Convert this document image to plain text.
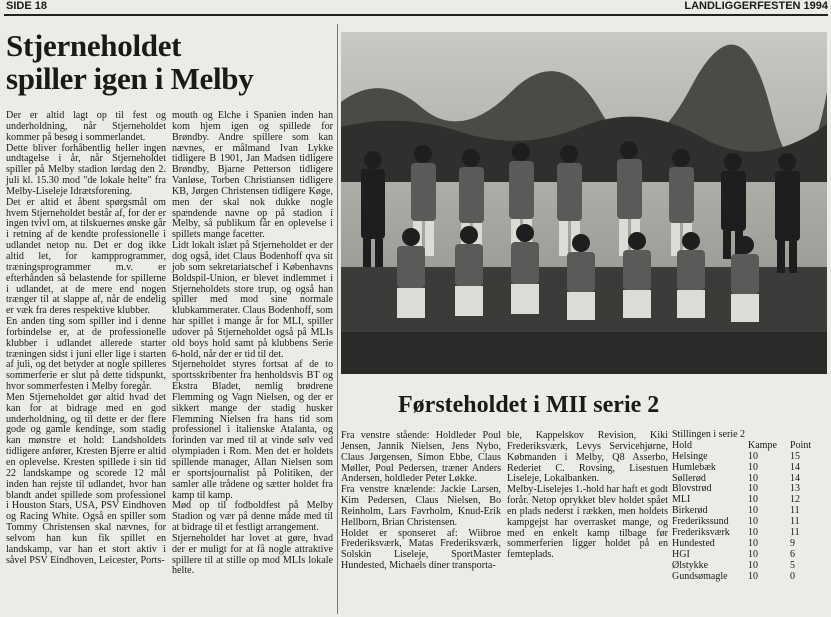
SIDE 18	LANDLIGGERFESTEN 1994
Stjerneholdet
spiller igen i Melby

Der er altid lagt op til fest og underholdning, når Stjerneholdet kommer på besøg i sommerlandet.

Dette bliver forhåbentlig heller ingen undtagelse i år, når Stjerneholdet spiller på Melby stadion lørdag den 2. juli kl. 15.30 mod "de lokale helte" fra Melby-Liseleje Idrætsforening.

Det er altid et åbent spørgsmål om hvem Stjerneholdet består af, for der er ingen tvivl om, at tilskuernes ønske går i retning af de kendte professionelle i udlandet netop nu. Det er dog ikke altid let, for kampprogrammer, træningsprogrammer m.v. er efterhånden så belastende for spillerne i udlandet, at de mere end nogen trænger til at slappe af, når de endelig er væk fra deres respektive klubber.

En anden ting som spiller ind i denne forbindelse er, at de professionelle klubber i udlandet allerede starter træningen sidst i juni eller lige i starten af juli, og det betyder at nogle spilleres sommerferie er slut på dette tidspunkt, hvor sommerfesten i Melby foregår.

Men Stjerneholdet gør altid hvad det kan for at bidrage med en god underholdning, og til dette er der flere gode og gamle kendinge, som stadig kan mønstre et hold: Landsholdets tidligere anfører, Kresten Bjerre er altid en oplevelse. Kresten spillede i sin tid 22 landskampe og scorede 12 mål inden han rejste til udlandet, hvor han blandt andet spillede som professionel i Houston Stars, USA, PSV Eindhoven og Racing White. Også en spiller som Tommy Christensen skal nævnes, for selvom han kun fik spillet en landskamp, var han et stort aktiv i såvel PSV Eindhoven, Leicester, Ports-

mouth og Elche i Spanien inden han kom hjem igen og spillede for Brøndby. Andre spillere som kan nævnes, er målmand Ivan Lykke tidligere B 1901, Jan Madsen tidligere Brøndby, Bjarne Petterson tidligere Vanløse, Torben Christiansen tidligere KB, Jørgen Christensen tidligere Køge, men der skal nok dukke nogle spændende navne op på stadion i Melby, så publikum får en oplevelse i spillets mange facetter.

Lidt lokalt islæt på Stjerneholdet er der dog også, idet Claus Bodenhoff qva sit job som sekretariatschef i Københavns Boldspil-Union, er blevet indlemmet i Stjerneholdets store trup, og også han spiller med mod sine normale klubkammerater. Claus Bodenhoff, som har spillet i mange år for MLI, spiller udover på Stjerneholdet også på MLIs old boys hold samt på klubbens Serie 6-hold, når der er tid til det.

Stjerneholdet styres fortsat af de to sportsskribenter fra henholdsvis BT og Ekstra Bladet, nemlig brødrene Flemming og Vagn Nielsen, og der er sikkert mange der stadig husker Flemming Nielsen fra hans tid som professionel i italienske Atalanta, og forinden var med til at vinde sølv ved olympiaden i Rom. Men det er holdets spillende manager, Allan Nielsen som er sportsjournalist på Politiken, der samler alle trådene og sætter holdet fra kamp til kamp.

Mød op til fodboldfest på Melby Stadion og vær på denne måde med til at bidrage til et festligt arrangement.

Stjerneholdet har lovet at gøre, hvad der er muligt for at få nogle attraktive spillere til at stille op mod MLIs lokale helte.

Førsteholdet i MII serie 2

Fra venstre stående: Holdleder Poul Jensen, Jannik Nielsen, Jens Nybo, Claus Jørgensen, Simon Ebbe, Claus Møller, Poul Pedersen, træner Anders Andersen, holdleder Peter Løkke.

Fra venstre knælende: Jackie Larsen, Kim Pedersen, Claus Nielsen, Bo Reinholm, Lars Favrholm, Knud-Erik Hellborn, Brian Christensen.

Holdet er sponseret af: Wiibroe Frederiksværk, Matas Frederiksværk, Solskin Liseleje, SportMaster Hundested, Michaels diner transporta-

ble, Kappelskov Revision, Kiki Frederiksværk, Levys Servicehjørne, Købmanden i Melby, Q8 Asserbo, Rederiet C. Rovsing, Lisestuen Liseleje, Lokalbanken.

Melby-Liselejes 1.-hold har haft et godt forår. Netop oprykket blev holdet spået en plads nederst i rækken, men holdets kampgejst har overrasket mange, og med en enkelt kamp tilbage før sommerferien ligger holdet på en femteplads.

Stillingen i serie 2
Hold	Kampe Point
Helsinge	10	15
Humlebæk	10	14
Søllerød	10	14
Blovstrød	10	13
MLI	10	12
Birkerød	10	11
Frederikssund 10	11
Frederiksværk 10	11
Hundested	10	9
HGI	10	6
Ølstykke	10	5
Gundsømagle 10	0
